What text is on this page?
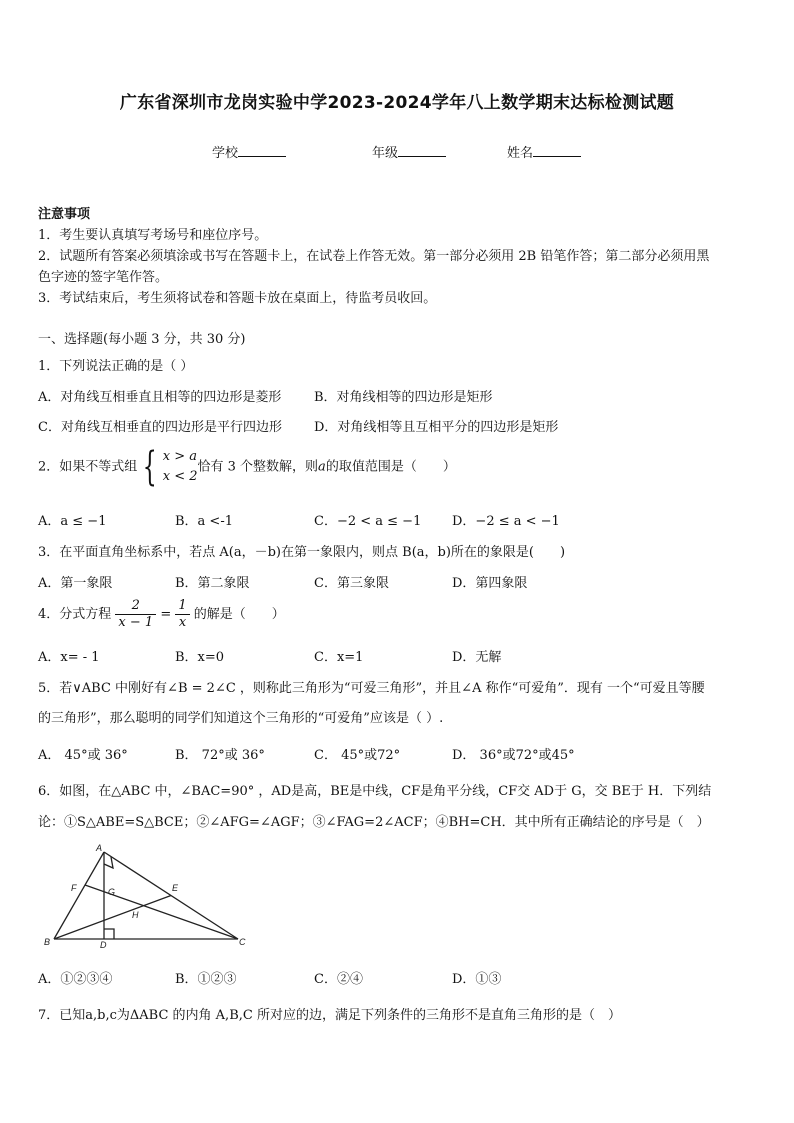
广东省深圳市龙岗实验中学2023-2024学年八上数学期末达标检测试题
学校	年级	姓名
注意事项
1．考生要认真填写考场号和座位序号。
2．试题所有答案必须填涂或书写在答题卡上，在试卷上作答无效。第一部分必须用 2B 铅笔作答；第二部分必须用黑
色字迹的签字笔作答。
3．考试结束后，考生须将试卷和答题卡放在桌面上，待监考员收回。
一、选择题(每小题 3 分，共 30 分)
1．下列说法正确的是（ ）
A．对角线互相垂直且相等的四边形是菱形	B．对角线相等的四边形是矩形
C．对角线互相垂直的四边形是平行四边形 D．对角线相等且互相平分的四边形是矩形
2．如果不等式组 { x > a
x < 2
恰有 3 个整数解，则a的取值范围是（　　）
A．a ≤ −1	B．a <-1	C．−2 < a ≤ −1 D．−2 ≤ a < −1
3．在平面直角坐标系中，若点 A(a，－b)在第一象限内，则点 B(a，b)所在的象限是(　　)
A．第一象限	B．第二象限	C．第三象限	D．第四象限
4．分式方程 $\frac{2}{x - 1} = \frac{1}{x}$ 的解是（　　）
A．x= - 1	B．x=0	C．x=1	D．无解
5．若∨ABC 中刚好有∠B = 2∠C ，则称此三角形为“可爱三角形”，并且∠A 称作“可爱角”．现有 一个“可爱且等腰
的三角形”，那么聪明的同学们知道这个三角形的“可爱角”应该是（ ）.
A． 45°或 36°	B． 72°或 36°	C． 45°或72°	D． 36°或72°或45°
6．如图，在△ABC 中，∠BAC=90° ，AD是高，BE是中线，CF是角平分线，CF交 AD于 G，交 BE于 H．下列结
论：①S△ABE=S△BCE；②∠AFG=∠AGF；③∠FAG=2∠ACF；④BH=CH．其中所有正确结论的序号是（　）
A
B	C
D
E
F	G
H
A．①②③④	B．①②③	C．②④	D．①③
7．已知a,b,c为ΔABC 的内角 A,B,C 所对应的边，满足下列条件的三角形不是直角三角形的是（　）
